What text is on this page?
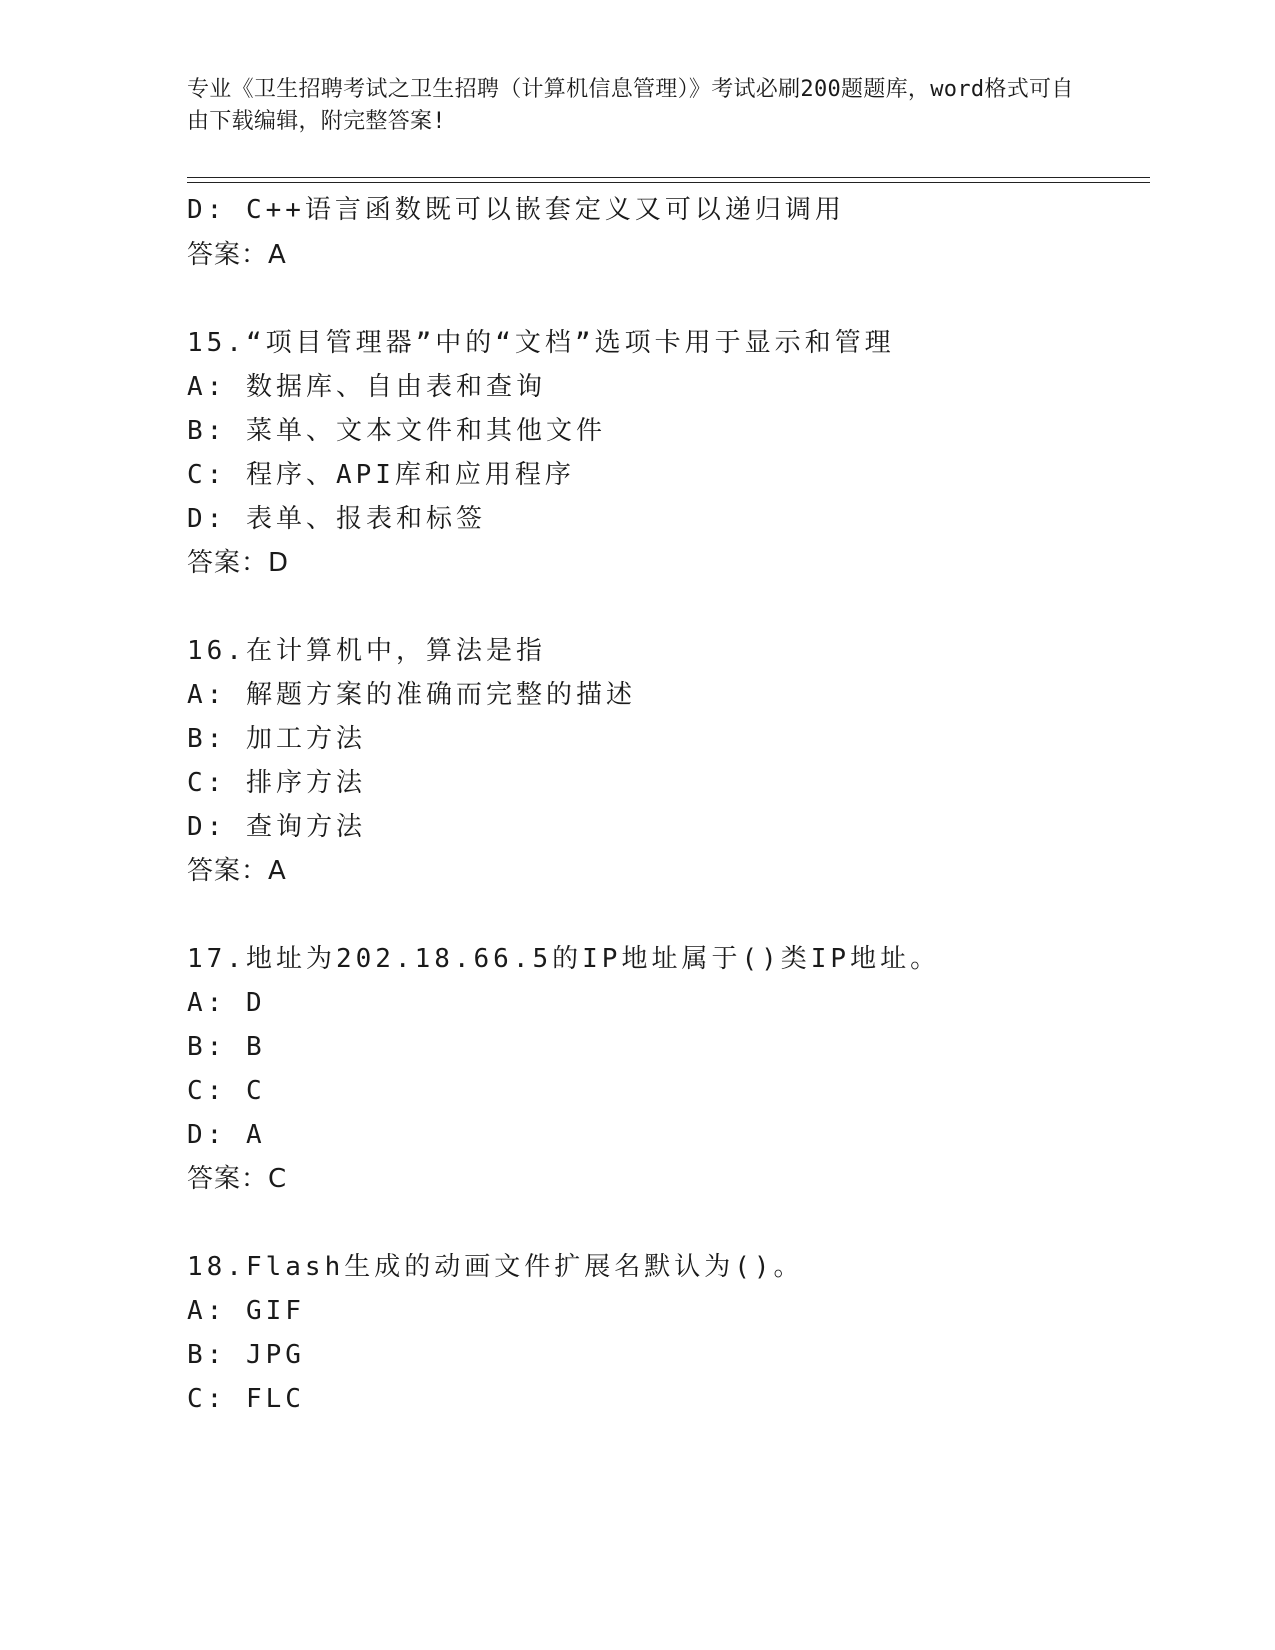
专业《卫生招聘考试之卫生招聘（计算机信息管理）》考试必刷200题题库，word格式可自由下载编辑，附完整答案!
D: C++语言函数既可以嵌套定义又可以递归调用
答案：A
15.“项目管理器”中的“文档”选项卡用于显示和管理
A: 数据库、自由表和查询
B: 菜单、文本文件和其他文件
C: 程序、API库和应用程序
D: 表单、报表和标签
答案：D
16.在计算机中，算法是指
A: 解题方案的准确而完整的描述
B: 加工方法
C: 排序方法
D: 查询方法
答案：A
17.地址为202.18.66.5的IP地址属于()类IP地址。
A: D
B: B
C: C
D: A
答案：C
18.Flash生成的动画文件扩展名默认为()。
A: GIF
B: JPG
C: FLC
